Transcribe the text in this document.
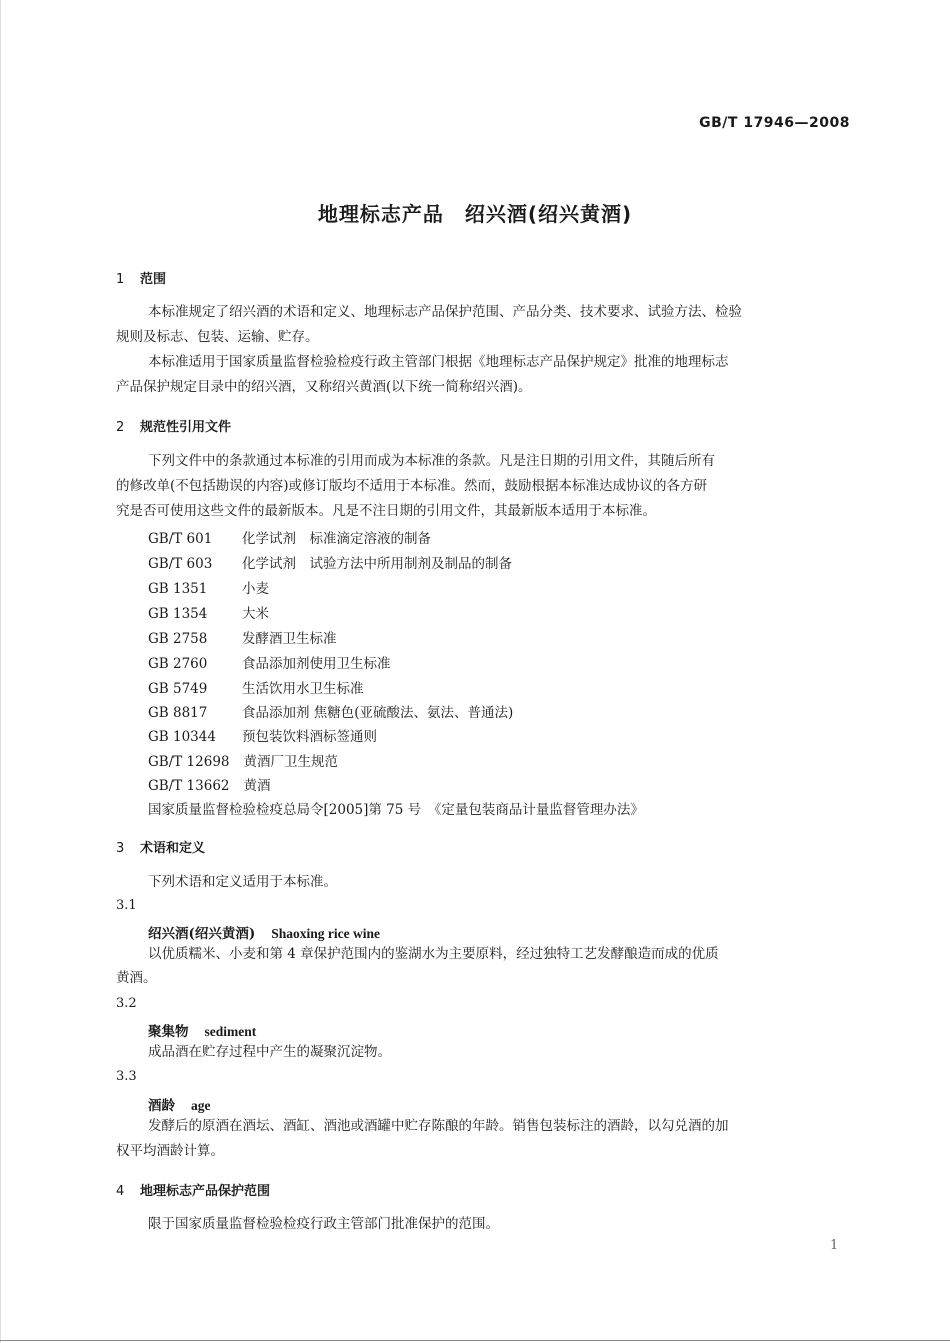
GB/T 17946—2008
地理标志产品　绍兴酒(绍兴黄酒)
1 范围
本标准规定了绍兴酒的术语和定义、地理标志产品保护范围、产品分类、技术要求、试验方法、检验
规则及标志、包装、运输、贮存。
本标准适用于国家质量监督检验检疫行政主管部门根据《地理标志产品保护规定》批准的地理标志
产品保护规定目录中的绍兴酒，又称绍兴黄酒(以下统一简称绍兴酒)。
2 规范性引用文件
下列文件中的条款通过本标准的引用而成为本标准的条款。凡是注日期的引用文件，其随后所有
的修改单(不包括勘误的内容)或修订版均不适用于本标准。然而，鼓励根据本标准达成协议的各方研
究是否可使用这些文件的最新版本。凡是不注日期的引用文件，其最新版本适用于本标准。
GB/T 601 化学试剂　标准滴定溶液的制备
GB/T 603 化学试剂　试验方法中所用制剂及制品的制备
GB 1351	小麦
GB 1354	大米
GB 2758	发酵酒卫生标准
GB 2760	食品添加剂使用卫生标准
GB 5749	生活饮用水卫生标准
GB 8817	食品添加剂 焦糖色(亚硫酸法、氨法、普通法)
GB 10344 预包装饮料酒标签通则
GB/T 12698 黄酒厂卫生规范
GB/T 13662 黄酒
国家质量监督检验检疫总局令[2005]第 75 号　《定量包装商品计量监督管理办法》
3 术语和定义
下列术语和定义适用于本标准。
3.1
绍兴酒(绍兴黄酒) Shaoxing rice wine
以优质糯米、小麦和第 4 章保护范围内的鉴湖水为主要原料，经过独特工艺发酵酿造而成的优质
黄酒。
3.2
聚集物 sediment
成品酒在贮存过程中产生的凝聚沉淀物。
3.3
酒龄 age
发酵后的原酒在酒坛、酒缸、酒池或酒罐中贮存陈酿的年龄。销售包装标注的酒龄，以勾兑酒的加
权平均酒龄计算。
4 地理标志产品保护范围
限于国家质量监督检验检疫行政主管部门批准保护的范围。
1
